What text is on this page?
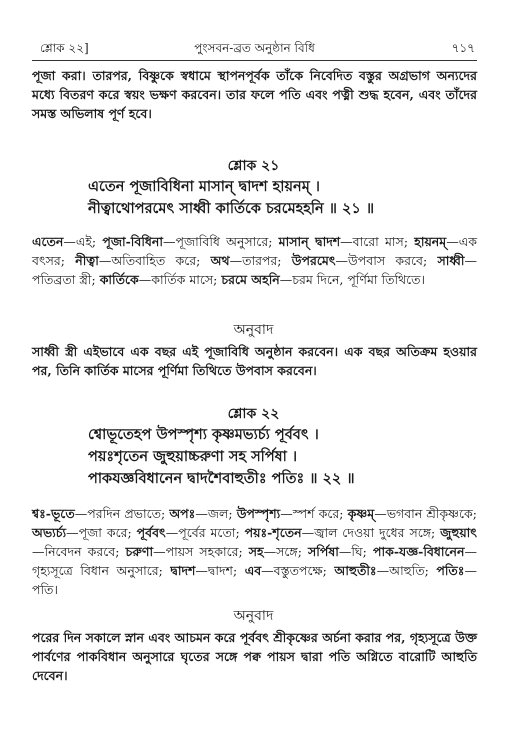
শ্লোক ২২]	পুংসবন-ব্রত অনুষ্ঠান বিধি	৭১৭
পূজা করা। তারপর, বিষ্ণুকে স্বধামে স্থাপনপূর্বক তাঁকে নিবেদিত বস্তুর অগ্রভাগ অন্যদের মধ্যে বিতরণ করে স্বয়ং ভক্ষণ করবেন। তার ফলে পতি এবং পত্নী শুদ্ধ হবেন, এবং তাঁদের সমস্ত অভিলাষ পূর্ণ হবে।
শ্লোক ২১
এতেন পূজাবিধিনা মাসান্ দ্বাদশ হায়নম্ ।
নীত্বাথোপরমেৎ সাধ্বী কার্তিকে চরমেহহনি ॥ ২১ ॥
এতেন—এই; পূজা-বিধিনা—পূজাবিধি অনুসারে; মাসান্ দ্বাদশ—বারো মাস; হায়নম্—এক বৎসর; নীত্বা—অতিবাহিত করে; অথ—তারপর; উপরমেৎ—উপবাস করবে; সাধ্বী—পতিব্রতা স্ত্রী; কার্তিকে—কার্তিক মাসে; চরমে অহনি—চরম দিনে, পূর্ণিমা তিথিতে।
অনুবাদ
সাধ্বী স্ত্রী এইভাবে এক বছর এই পূজাবিধি অনুষ্ঠান করবেন। এক বছর অতিক্রম হওয়ার পর, তিনি কার্তিক মাসের পূর্ণিমা তিথিতে উপবাস করবেন।
শ্লোক ২২
শ্বোভূতেহপ উপস্পৃশ্য কৃষ্ণমভ্যর্চ্য পূর্ববৎ ।
পয়ঃশৃতেন জুহুয়াচ্চরুণা সহ সর্পিষা ।
পাকযজ্ঞবিধানেন দ্বাদশৈবাহুতীঃ পতিঃ ॥ ২২ ॥
শ্বঃ-ভূতে—পরদিন প্রভাতে; অপঃ—জল; উপস্পৃশ্য—স্পর্শ করে; কৃষ্ণম্—ভগবান শ্রীকৃষ্ণকে; অভ্যর্চ্য—পূজা করে; পূর্ববৎ—পূর্বের মতো; পয়ঃ-শৃতেন—জ্বাল দেওয়া দুধের সঙ্গে; জুহুয়াৎ—নিবেদন করবে; চরুণা—পায়স সহকারে; সহ—সঙ্গে; সর্পিষা—ঘি; পাক-যজ্ঞ-বিধানেন—গৃহ্যসূত্রে বিধান অনুসারে; দ্বাদশ—দ্বাদশ; এব—বস্তুতপক্ষে; আহুতীঃ—আহুতি; পতিঃ—পতি।
অনুবাদ
পরের দিন সকালে স্নান এবং আচমন করে পূর্ববৎ শ্রীকৃষ্ণের অর্চনা করার পর, গৃহ্যসূত্রে উক্ত পার্বণের পাকবিধান অনুসারে ঘৃতের সঙ্গে পক্ব পায়স দ্বারা পতি অগ্নিতে বারোটি আহুতি দেবেন।
